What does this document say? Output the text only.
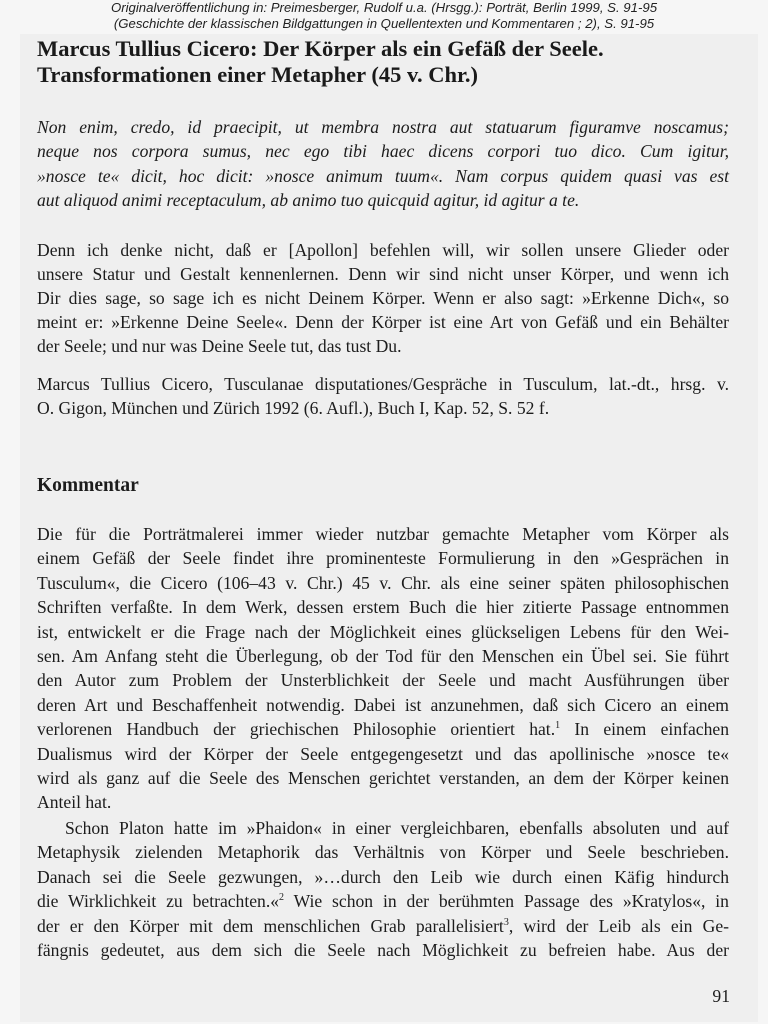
Originalveröffentlichung in: Preimesberger, Rudolf u.a. (Hrsgg.): Porträt, Berlin 1999, S. 91-95
(Geschichte der klassischen Bildgattungen in Quellentexten und Kommentaren ; 2), S. 91-95
Marcus Tullius Cicero: Der Körper als ein Gefäß der Seele.
Transformationen einer Metapher (45 v. Chr.)

Non enim, credo, id praecipit, ut membra nostra aut statuarum figuramve noscamus;
neque nos corpora sumus, nec ego tibi haec dicens corpori tuo dico. Cum igitur,
»nosce te« dicit, hoc dicit: »nosce animum tuum«. Nam corpus quidem quasi vas est
aut aliquod animi receptaculum, ab animo tuo quicquid agitur, id agitur a te.

Denn ich denke nicht, daß er [Apollon] befehlen will, wir sollen unsere Glieder oder
unsere Statur und Gestalt kennenlernen. Denn wir sind nicht unser Körper, und wenn ich
Dir dies sage, so sage ich es nicht Deinem Körper. Wenn er also sagt: »Erkenne Dich«, so
meint er: »Erkenne Deine Seele«. Denn der Körper ist eine Art von Gefäß und ein Behälter
der Seele; und nur was Deine Seele tut, das tust Du.

Marcus Tullius Cicero, Tusculanae disputationes/Gespräche in Tusculum, lat.-dt., hrsg. v.
O. Gigon, München und Zürich 1992 (6. Aufl.), Buch I, Kap. 52, S. 52 f.

Kommentar

Die für die Porträtmalerei immer wieder nutzbar gemachte Metapher vom Körper als
einem Gefäß der Seele findet ihre prominenteste Formulierung in den »Gesprächen in
Tusculum«, die Cicero (106–43 v. Chr.) 45 v. Chr. als eine seiner späten philosophischen
Schriften verfaßte. In dem Werk, dessen erstem Buch die hier zitierte Passage entnommen
ist, entwickelt er die Frage nach der Möglichkeit eines glückseligen Lebens für den Wei-
sen. Am Anfang steht die Überlegung, ob der Tod für den Menschen ein Übel sei. Sie führt
den Autor zum Problem der Unsterblichkeit der Seele und macht Ausführungen über
deren Art und Beschaffenheit notwendig. Dabei ist anzunehmen, daß sich Cicero an einem
verlorenen Handbuch der griechischen Philosophie orientiert hat.$^1$ In einem einfachen
Dualismus wird der Körper der Seele entgegengesetzt und das apollinische »nosce te«
wird als ganz auf die Seele des Menschen gerichtet verstanden, an dem der Körper keinen
Anteil hat.

Schon Platon hatte im »Phaidon« in einer vergleichbaren, ebenfalls absoluten und auf
Metaphysik zielenden Metaphorik das Verhältnis von Körper und Seele beschrieben.
Danach sei die Seele gezwungen, »…durch den Leib wie durch einen Käfig hindurch
die Wirklichkeit zu betrachten.«$^2$ Wie schon in der berühmten Passage des »Kratylos«, in
der er den Körper mit dem menschlichen Grab parallelisiert$^3$, wird der Leib als ein Ge-
fängnis gedeutet, aus dem sich die Seele nach Möglichkeit zu befreien habe. Aus der

91
